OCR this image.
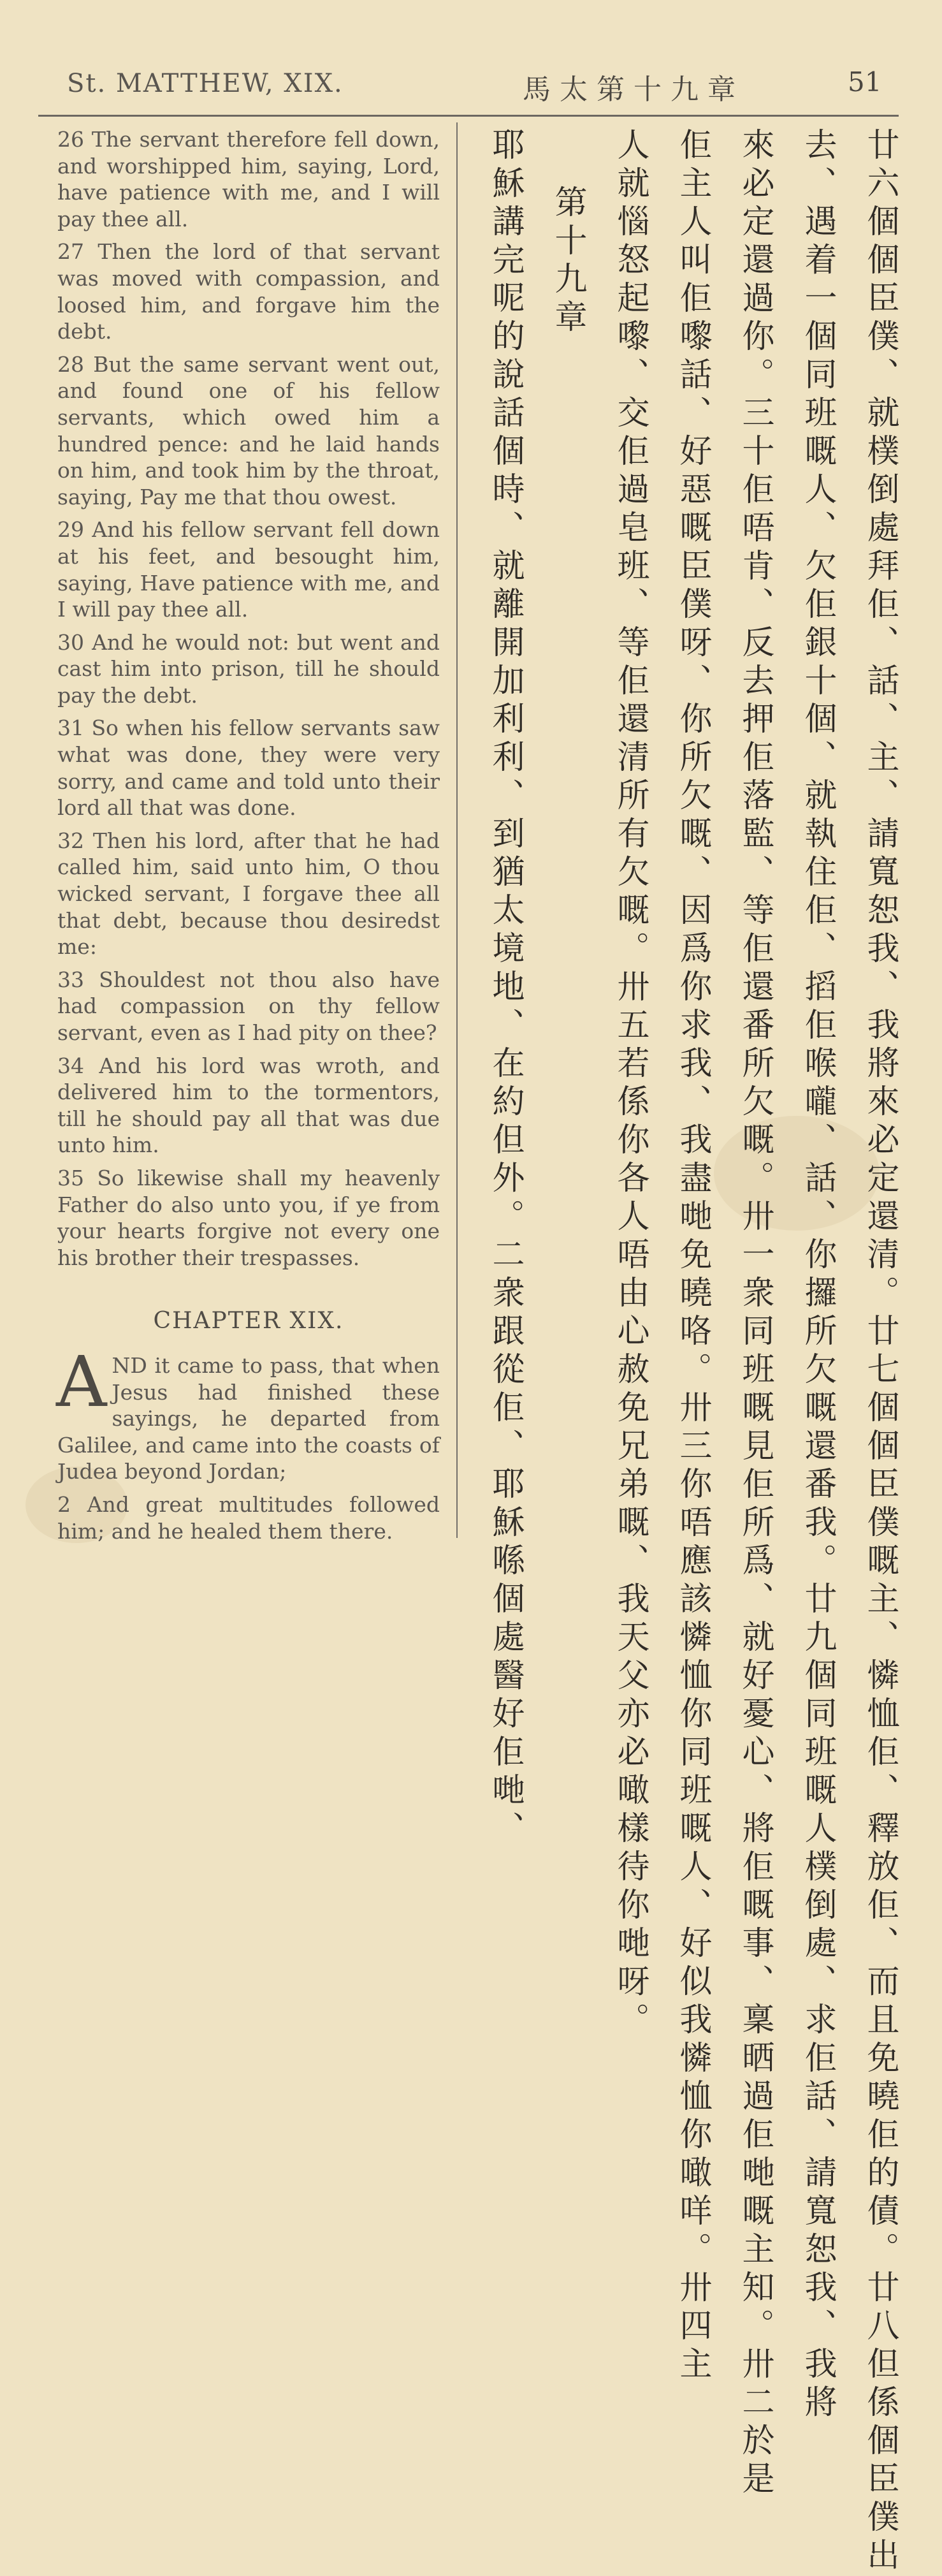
St. MATTHEW, XIX.	馬太第十九章	51

26 The servant therefore fell down, and worshipped him, saying, Lord, have patience with me, and I will pay thee all.

27 Then the lord of that servant was moved with compassion, and loosed him, and forgave him the debt.

28 But the same servant went out, and found one of his fellow servants, which owed him a hundred pence: and he laid hands on him, and took him by the throat, saying, Pay me that thou owest.

29 And his fellow servant fell down at his feet, and besought him, saying, Have patience with me, and I will pay thee all.

30 And he would not: but went and cast him into prison, till he should pay the debt.

31 So when his fellow servants saw what was done, they were very sorry, and came and told unto their lord all that was done.

32 Then his lord, after that he had called him, said unto him, O thou wicked servant, I forgave thee all that debt, because thou desiredst me:

33 Shouldest not thou also have had compassion on thy fellow servant, even as I had pity on thee?

34 And his lord was wroth, and delivered him to the tormentors, till he should pay all that was due unto him.

35 So likewise shall my heavenly Father do also unto you, if ye from your hearts forgive not every one his brother their trespasses.

CHAPTER XIX.

AND it came to pass, that when Jesus had finished these sayings, he departed from Galilee, and came into the coasts of Judea beyond Jordan;

2 And great multitudes followed him; and he healed them there.	廿六個個臣僕、就樸倒處拜佢、話、主、請寬恕我、我將來必定還清。廿七個個臣僕嘅主、憐恤佢、釋放佢、而且免曉佢的債。廿八但係個臣僕出
去、遇着一個同班嘅人、欠佢銀十個、就執住佢、搯佢喉嚨、話、你攞所欠嘅還番我。廿九個同班嘅人樸倒處、求佢話、請寬恕我、我將
來必定還過你。三十佢唔肯、反去押佢落監、等佢還番所欠嘅。卅一衆同班嘅見佢所爲、就好憂心、將佢嘅事、稟晒過佢哋嘅主知。卅二於是
佢主人叫佢嚟話、好惡嘅臣僕呀、你所欠嘅、因爲你求我、我盡哋免曉咯。卅三你唔應該憐恤你同班嘅人、好似我憐恤你噉咩。卅四主
人就惱怒起嚟、交佢過皂班、等佢還清所有欠嘅。卅五若係你各人唔由心赦免兄弟嘅、我天父亦必噉樣待你哋呀。
第十九章
耶穌講完呢的說話個時、就離開加利利、到猶太境地、在約但外。二衆跟從佢、耶穌喺個處醫好佢哋、
